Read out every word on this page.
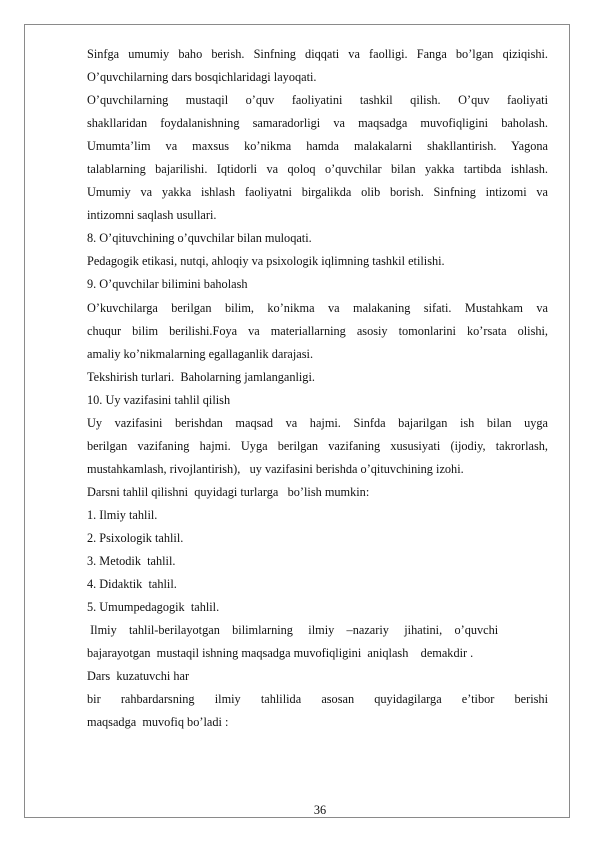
Sinfga umumiy baho berish. Sinfning diqqati va faolligi. Fanga bo’lgan qiziqishi.

O’quvchilarning dars bosqichlaridagi layoqati.

O’quvchilarning mustaqil o’quv faoliyatini tashkil qilish. O’quv faoliyati

shakllaridan foydalanishning samaradorligi va maqsadga muvofiqligini baholash.

Umumta’lim va maxsus ko’nikma hamda malakalarni shakllantirish. Yagona

talablarning bajarilishi. Iqtidorli va qoloq o’quvchilar bilan yakka tartibda ishlash.

Umumiy va yakka ishlash faoliyatni birgalikda olib borish. Sinfning intizomi va

intizomni saqlash usullari.

8. O’qituvchining o’quvchilar bilan muloqati.

Pedagogik etikasi, nutqi, ahloqiy va psixologik iqlimning tashkil etilishi.

9. O’quvchilar bilimini baholash

O’kuvchilarga berilgan bilim, ko’nikma va malakaning sifati. Mustahkam va

chuqur bilim berilishi.Foya va materiallarning asosiy tomonlarini ko’rsata olishi,

amaliy ko’nikmalarning egallaganlik darajasi.

Tekshirish turlari.  Baholarning jamlanganligi.

10. Uy vazifasini tahlil qilish

Uy vazifasini berishdan maqsad va hajmi. Sinfda bajarilgan ish bilan uyga

berilgan vazifaning hajmi. Uyga berilgan vazifaning xususiyati (ijodiy, takrorlash,

mustahkamlash, rivojlantirish),   uy vazifasini berishda o’qituvchining izohi.

Darsni tahlil qilishni  quyidagi turlarga   bo’lish mumkin:

1. Ilmiy tahlil.

2. Psixologik tahlil.

3. Metodik  tahlil.

4. Didaktik  tahlil.

5. Umumpedagogik  tahlil.

Ilmiy    tahlil-berilayotgan    bilimlarning     ilmiy    –nazariy     jihatini,    o’quvchi

bajarayotgan  mustaqil ishning maqsadga muvofiqligini  aniqlash    demakdir .

Dars  kuzatuvchi har

bir rahbardarsning ilmiy tahlilida asosan quyidagilarga e’tibor berishi

maqsadga  muvofiq bo’ladi :

36
